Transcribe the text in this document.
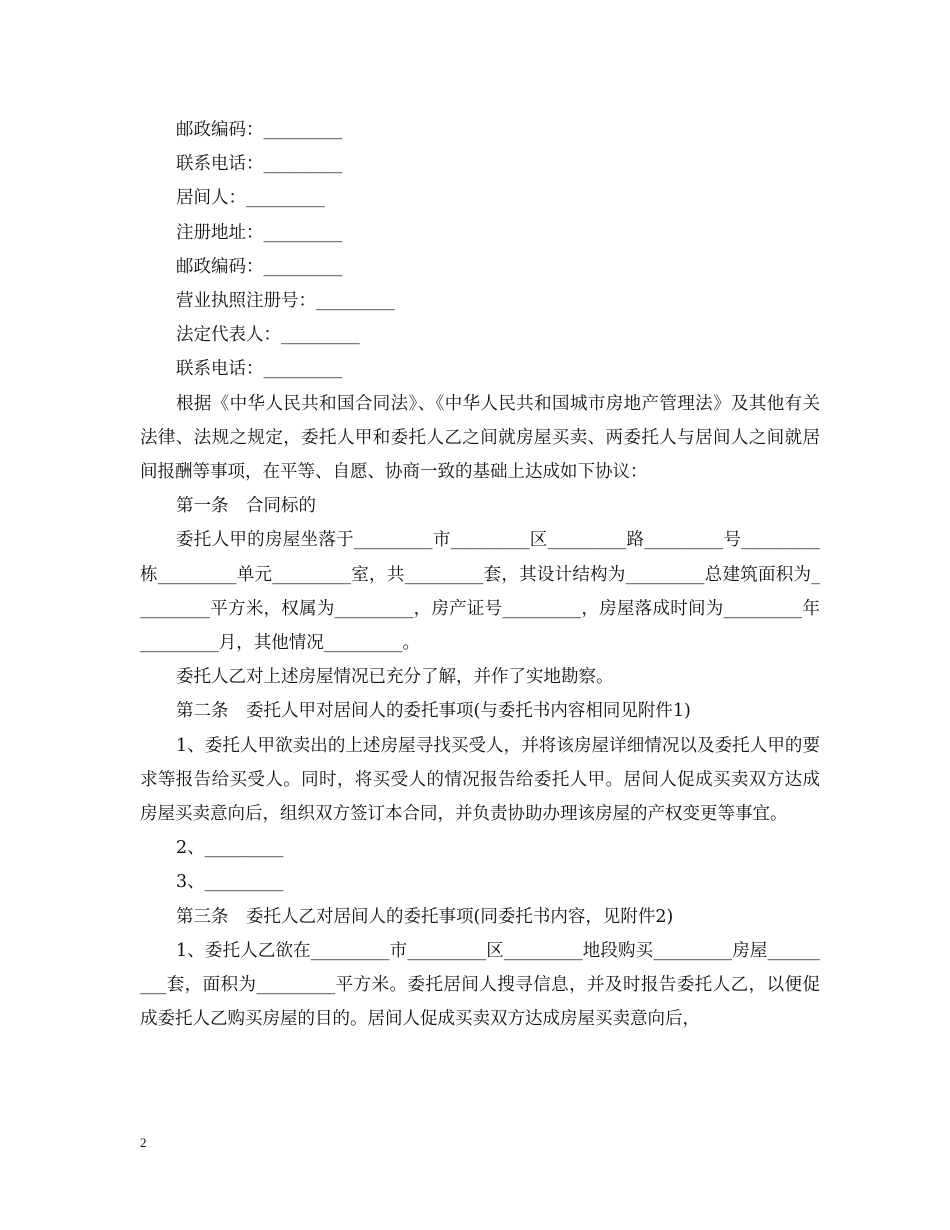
邮政编码：_________

联系电话：_________

居间人：_________

注册地址：_________

邮政编码：_________

营业执照注册号：_________

法定代表人：_________

联系电话：_________

根据《中华人民共和国合同法》、《中华人民共和国城市房地产管理法》及其他有关法律、法规之规定，委托人甲和委托人乙之间就房屋买卖、两委托人与居间人之间就居间报酬等事项，在平等、自愿、协商一致的基础上达成如下协议：

第一条　合同标的

委托人甲的房屋坐落于_________市_________区_________路_________号_________栋_________单元_________室，共_________套，其设计结构为_________总建筑面积为_________平方米，权属为_________，房产证号_________，房屋落成时间为_________年_________月，其他情况_________。

委托人乙对上述房屋情况已充分了解，并作了实地勘察。

第二条　委托人甲对居间人的委托事项(与委托书内容相同见附件1)

1、委托人甲欲卖出的上述房屋寻找买受人，并将该房屋详细情况以及委托人甲的要求等报告给买受人。同时，将买受人的情况报告给委托人甲。居间人促成买卖双方达成房屋买卖意向后，组织双方签订本合同，并负责协助办理该房屋的产权变更等事宜。

2、_________

3、_________

第三条　委托人乙对居间人的委托事项(同委托书内容，见附件2)

1、委托人乙欲在_________市_________区_________地段购买_________房屋_________套，面积为_________平方米。委托居间人搜寻信息，并及时报告委托人乙，以便促成委托人乙购买房屋的目的。居间人促成买卖双方达成房屋买卖意向后，

2
